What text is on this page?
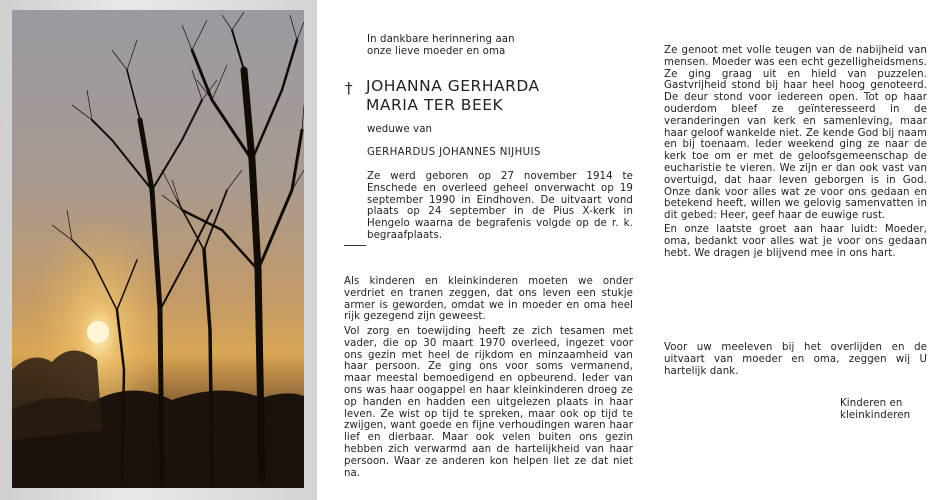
In dankbare herinnering aan onze lieve moeder en oma
† JOHANNA GERHARDA
MARIA TER BEEK
weduwe van
GERHARDUS JOHANNES NIJHUIS
Ze werd geboren op 27 november 1914 te Enschede en overleed geheel onverwacht op 19 september 1990 in Eindhoven. De uitvaart vond plaats op 24 september in de Pius X-kerk in Hengelo waarna de begrafenis volgde op de r. k. begraafplaats.
Als kinderen en kleinkinderen moeten we onder verdriet en tranen zeggen, dat ons leven een stukje armer is geworden, omdat we in moeder en oma heel rijk gezegend zijn geweest.
Vol zorg en toewijding heeft ze zich tesamen met vader, die op 30 maart 1970 overleed, ingezet voor ons gezin met heel de rijkdom en minzaamheid van haar persoon. Ze ging ons voor soms vermanend, maar meestal bemoedigend en opbeurend. Ieder van ons was haar oogappel en haar kleinkinderen droeg ze op handen en hadden een uitgelezen plaats in haar leven. Ze wist op tijd te spreken, maar ook op tijd te zwijgen, want goede en fijne verhoudingen waren haar lief en dierbaar. Maar ook velen buiten ons gezin hebben zich verwarmd aan de hartelijkheid van haar persoon. Waar ze anderen kon helpen liet ze dat niet na.
Ze genoot met volle teugen van de nabijheid van mensen. Moeder was een echt gezelligheidsmens. Ze ging graag uit en hield van puzzelen. Gastvrijheid stond bij haar heel hoog genoteerd. De deur stond voor iedereen open. Tot op haar ouderdom bleef ze geïnteresseerd in de veranderingen van kerk en samenleving, maar haar geloof wankelde niet. Ze kende God bij naam en bij toenaam. Ieder weekend ging ze naar de kerk toe om er met de geloofsgemeenschap de eucharistie te vieren. We zijn er dan ook vast van overtuigd, dat haar leven geborgen is in God. Onze dank voor alles wat ze voor ons gedaan en betekend heeft, willen we gelovig samenvatten in dit gebed: Heer, geef haar de euwige rust.
En onze laatste groet aan haar luidt: Moeder, oma, bedankt voor alles wat je voor ons gedaan hebt. We dragen je blijvend mee in ons hart.
Voor uw meeleven bij het overlijden en de uitvaart van moeder en oma, zeggen wij U hartelijk dank.
Kinderen en
kleinkinderen
